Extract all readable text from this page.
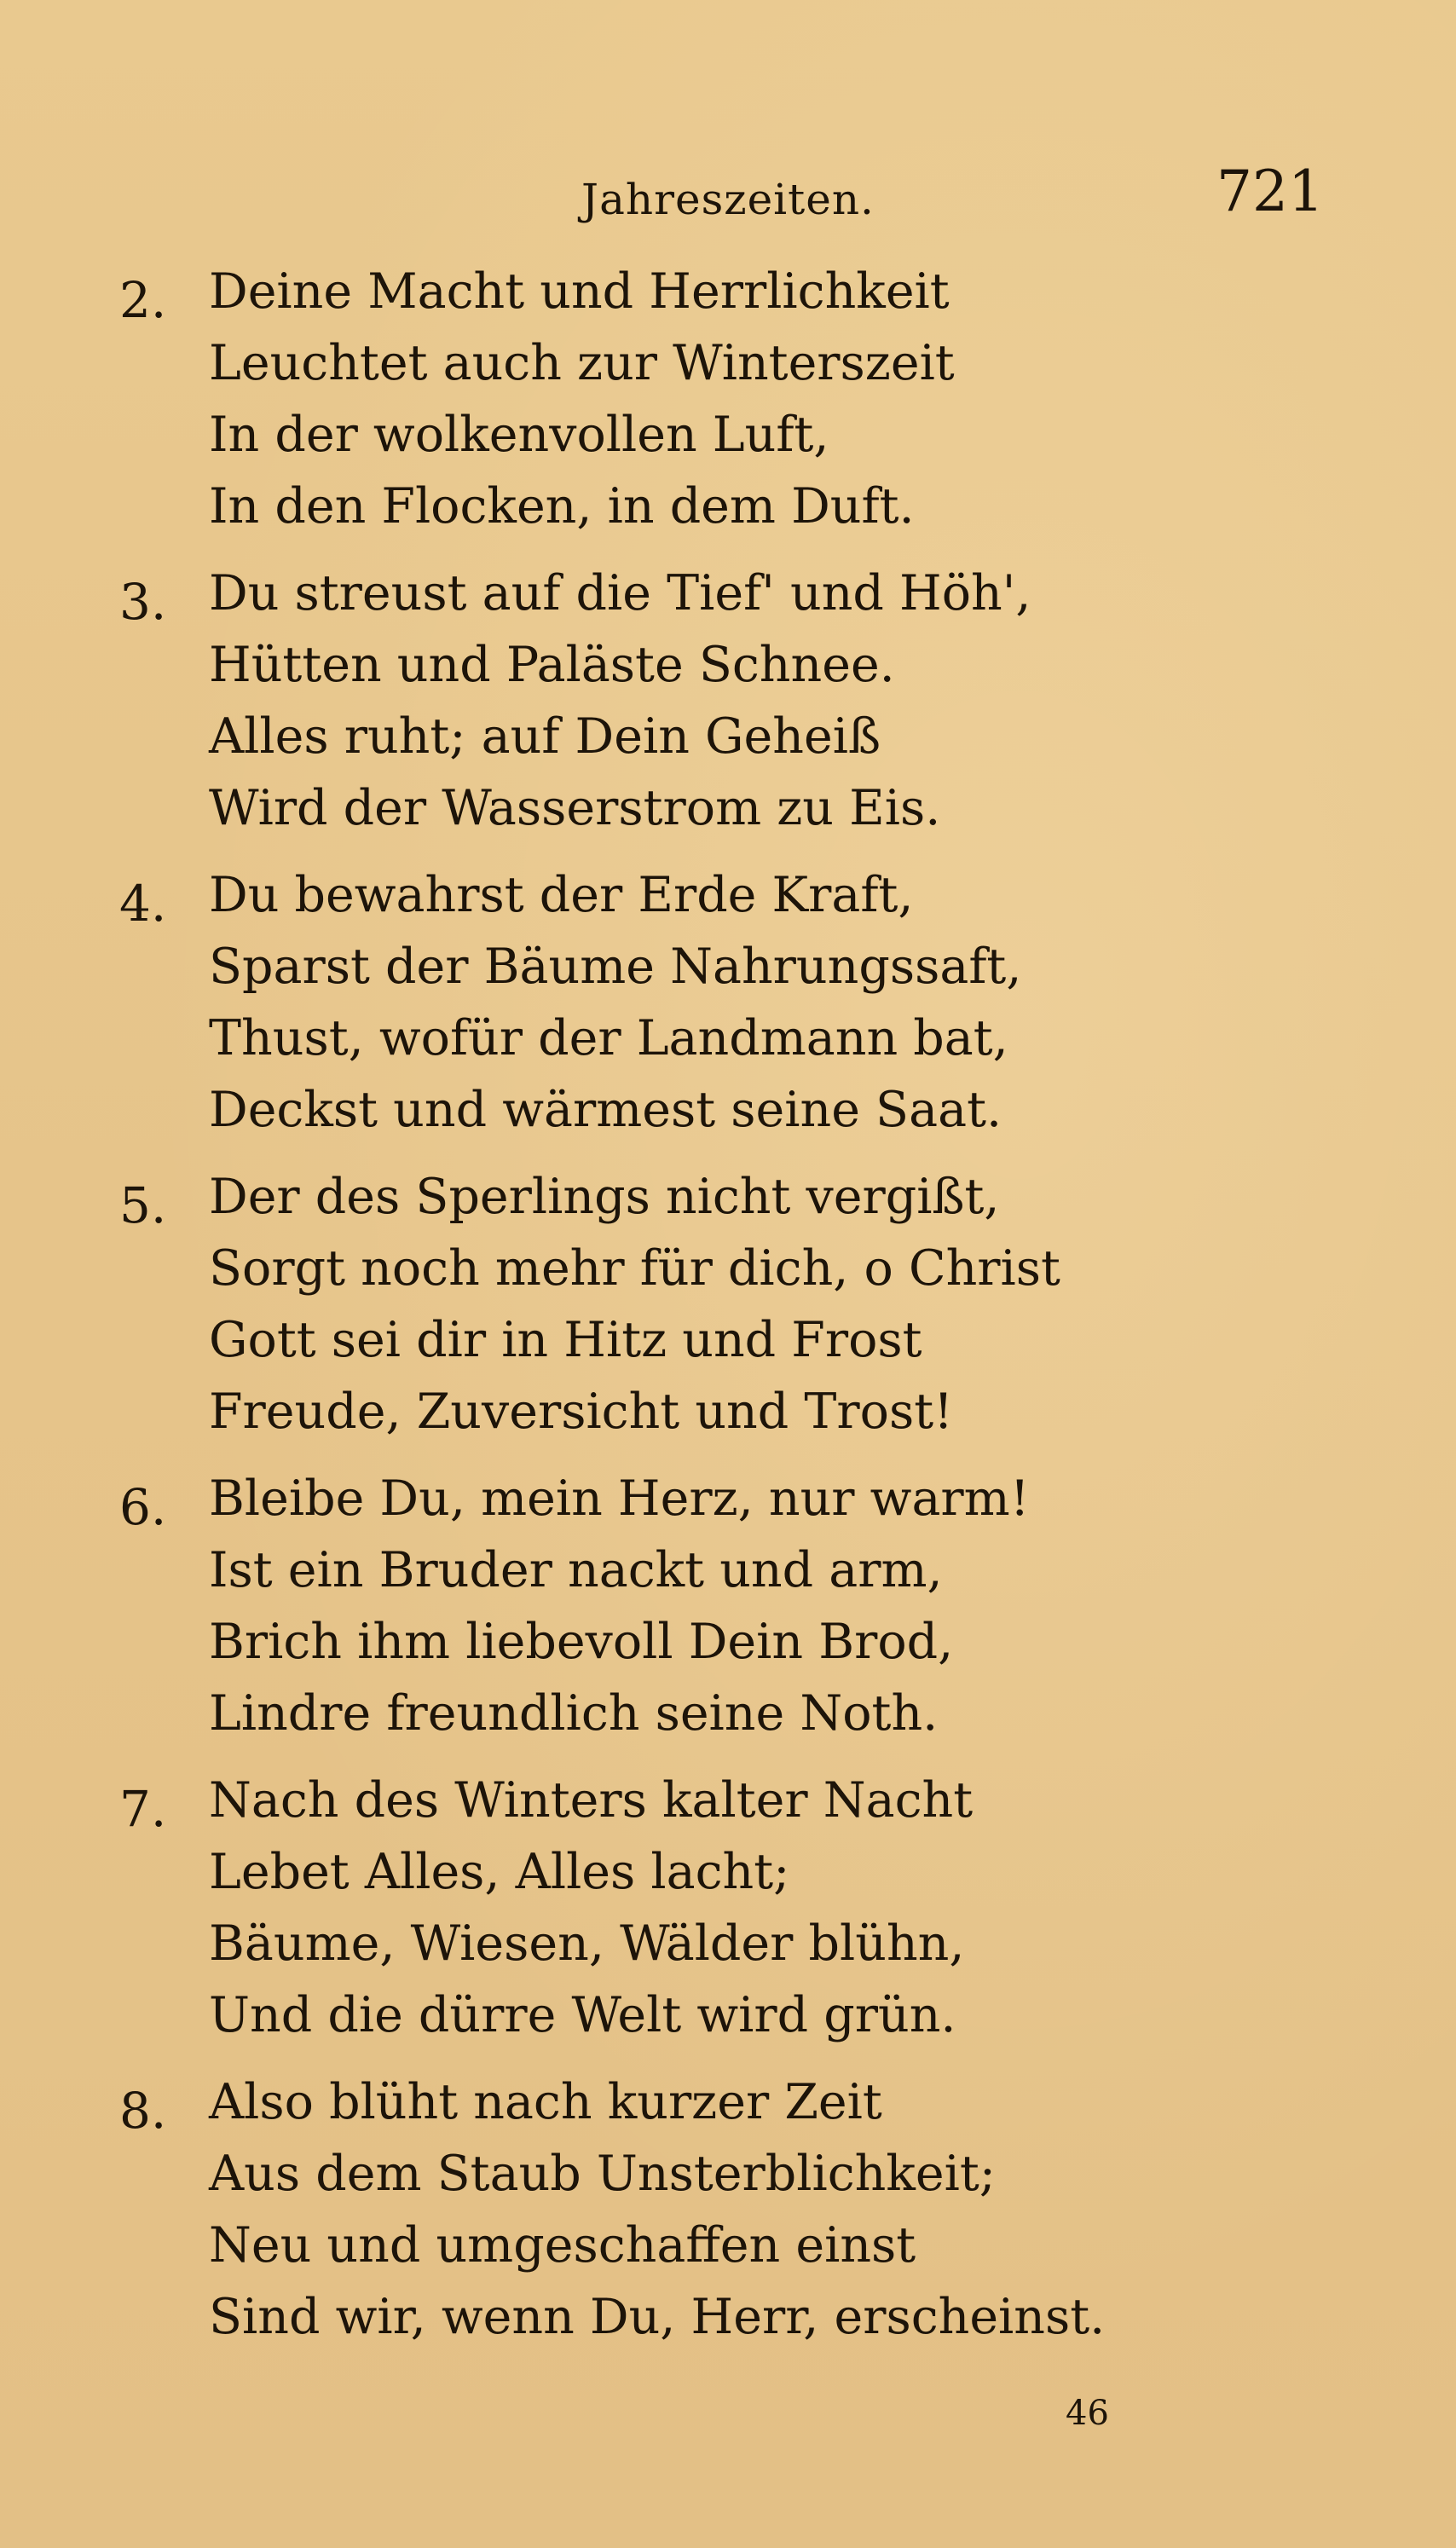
Jahreszeiten.	721
2. Deine Macht und Herrlichkeit
Leuchtet auch zur Winterszeit
In der wolkenvollen Luft,
In den Flocken, in dem Duft.
3. Du streust auf die Tief' und Höh',
Hütten und Paläste Schnee.
Alles ruht; auf Dein Geheiß
Wird der Wasserstrom zu Eis.
4. Du bewahrst der Erde Kraft,
Sparst der Bäume Nahrungssaft,
Thust, wofür der Landmann bat,
Deckst und wärmest seine Saat.
5. Der des Sperlings nicht vergißt,
Sorgt noch mehr für dich, o Christ
Gott sei dir in Hitz und Frost
Freude, Zuversicht und Trost!
6. Bleibe Du, mein Herz, nur warm!
Ist ein Bruder nackt und arm,
Brich ihm liebevoll Dein Brod,
Lindre freundlich seine Noth.
7. Nach des Winters kalter Nacht
Lebet Alles, Alles lacht;
Bäume, Wiesen, Wälder blühn,
Und die dürre Welt wird grün.
8. Also blüht nach kurzer Zeit
Aus dem Staub Unsterblichkeit;
Neu und umgeschaffen einst
Sind wir, wenn Du, Herr, erscheinst.
46
